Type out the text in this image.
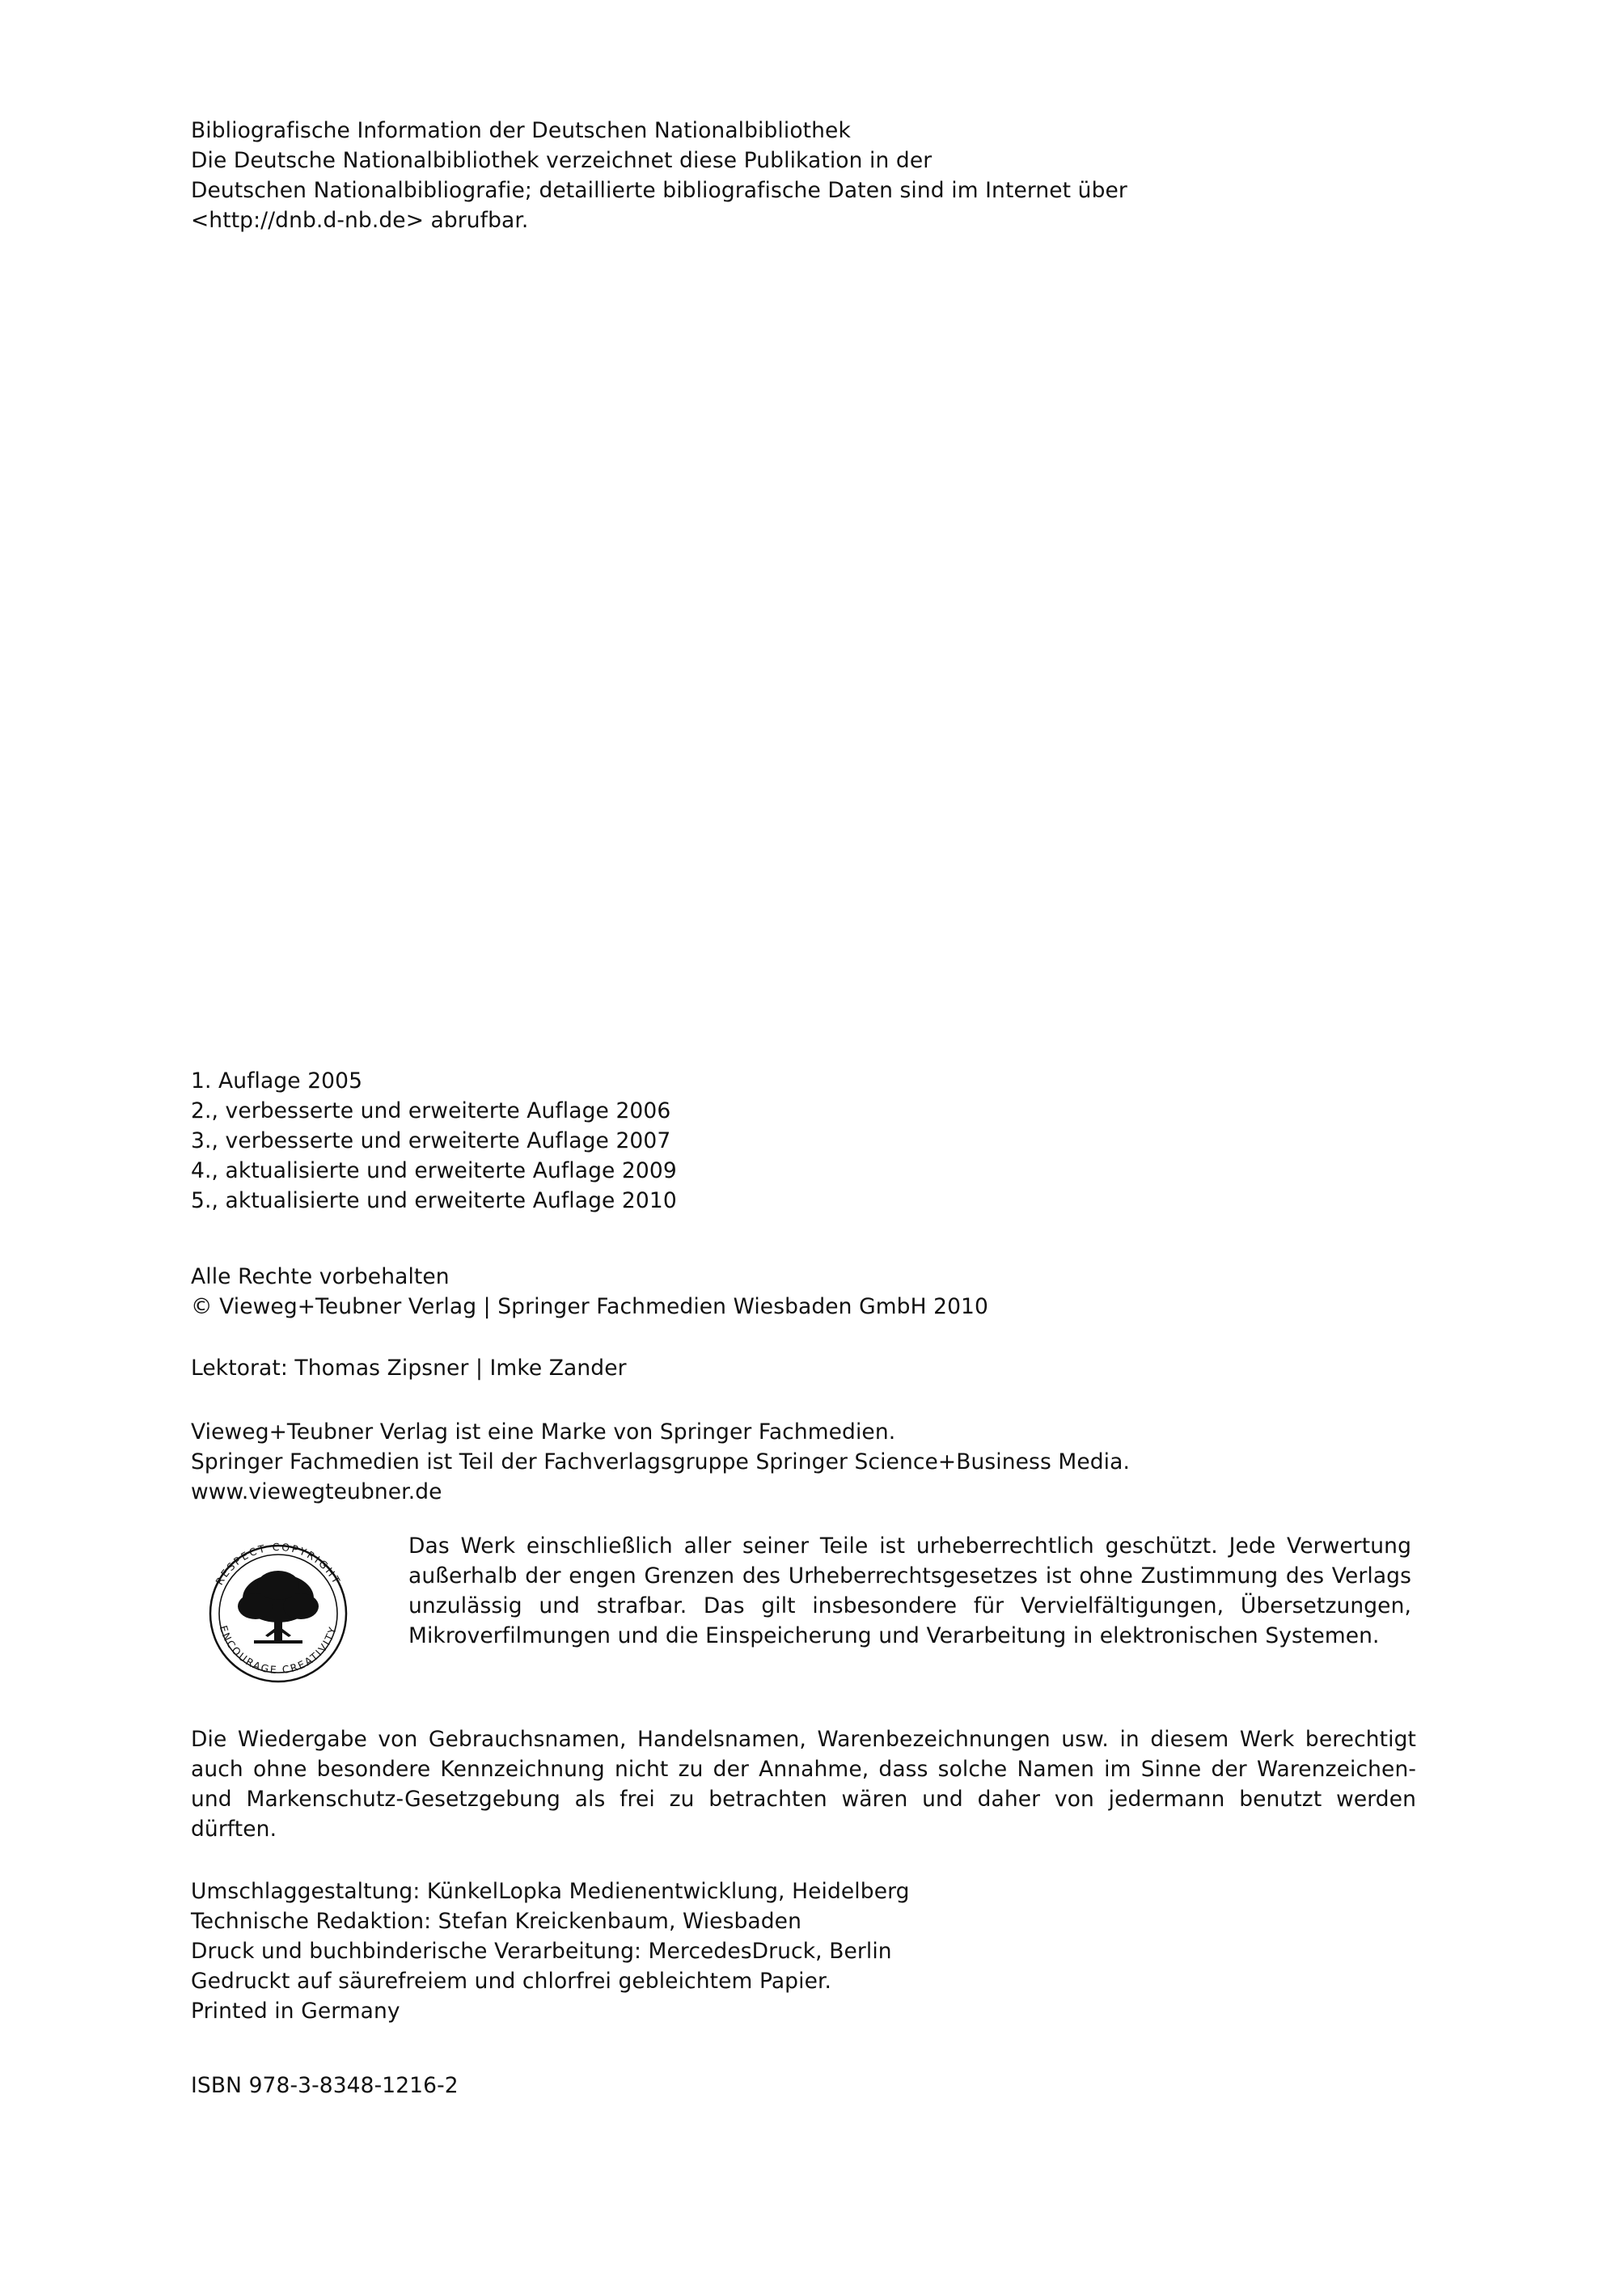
Bibliografische Information der Deutschen Nationalbibliothek
Die Deutsche Nationalbibliothek verzeichnet diese Publikation in der
Deutschen Nationalbibliografie; detaillierte bibliografische Daten sind im Internet über
<http://dnb.d-nb.de> abrufbar.
1. Auflage 2005
2., verbesserte und erweiterte Auflage 2006
3., verbesserte und erweiterte Auflage 2007
4., aktualisierte und erweiterte Auflage 2009
5., aktualisierte und erweiterte Auflage 2010
Alle Rechte vorbehalten
© Vieweg+Teubner Verlag | Springer Fachmedien Wiesbaden GmbH 2010
Lektorat: Thomas Zipsner | Imke Zander
Vieweg+Teubner Verlag ist eine Marke von Springer Fachmedien.
Springer Fachmedien ist Teil der Fachverlagsgruppe Springer Science+Business Media.
www.viewegteubner.de
RESPECT COPYRIGHT
ENCOURAGE CREATIVITY

Das Werk einschließlich aller seiner Teile ist urheberrechtlich geschützt. Jede Verwertung außerhalb der engen Grenzen des Urheberrechtsgesetzes ist ohne Zustimmung des Verlags unzulässig und strafbar. Das gilt insbesondere für Vervielfältigungen, Übersetzungen, Mikroverfilmungen und die Einspeicherung und Verarbeitung in elektronischen Systemen.

Die Wiedergabe von Gebrauchsnamen, Handelsnamen, Warenbezeichnungen usw. in diesem Werk berechtigt auch ohne besondere Kennzeichnung nicht zu der Annahme, dass solche Namen im Sinne der Warenzeichen- und Markenschutz-Gesetzgebung als frei zu betrachten wären und daher von jedermann benutzt werden dürften.

Umschlaggestaltung: KünkelLopka Medienentwicklung, Heidelberg
Technische Redaktion: Stefan Kreickenbaum, Wiesbaden
Druck und buchbinderische Verarbeitung: MercedesDruck, Berlin
Gedruckt auf säurefreiem und chlorfrei gebleichtem Papier.
Printed in Germany
ISBN 978-3-8348-1216-2
